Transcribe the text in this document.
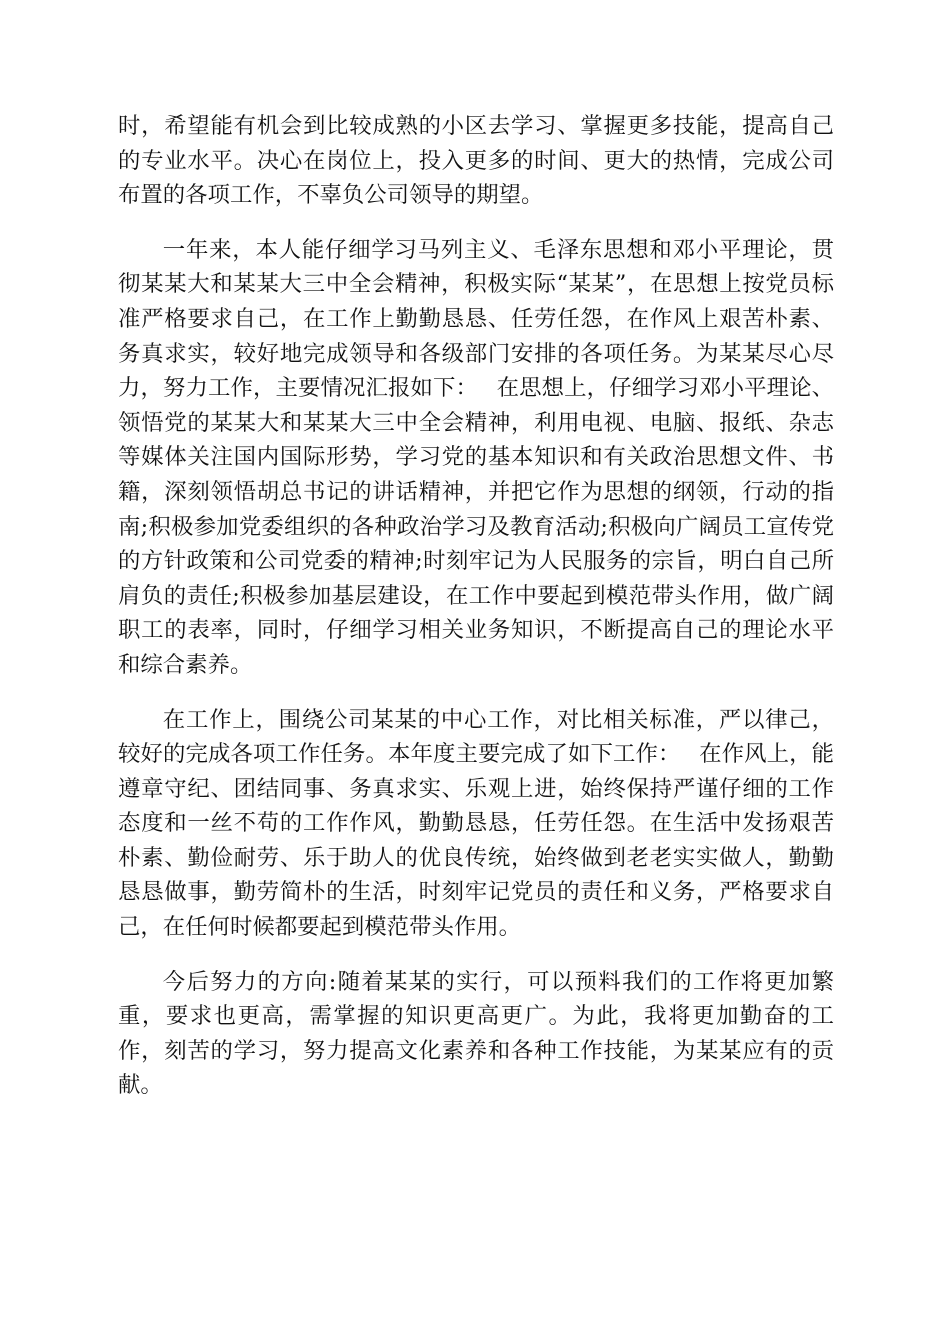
时，希望能有机会到比较成熟的小区去学习、掌握更多技能，提高自己的专业水平。决心在岗位上，投入更多的时间、更大的热情，完成公司布置的各项工作，不辜负公司领导的期望。

一年来，本人能仔细学习马列主义、毛泽东思想和邓小平理论，贯彻某某大和某某大三中全会精神，积极实际“某某”，在思想上按党员标准严格要求自己，在工作上勤勤恳恳、任劳任怨，在作风上艰苦朴素、务真求实，较好地完成领导和各级部门安排的各项任务。为某某尽心尽力，努力工作，主要情况汇报如下：　 在思想上，仔细学习邓小平理论、领悟党的某某大和某某大三中全会精神，利用电视、电脑、报纸、杂志等媒体关注国内国际形势，学习党的基本知识和有关政治思想文件、书籍，深刻领悟胡总书记的讲话精神，并把它作为思想的纲领，行动的指南;积极参加党委组织的各种政治学习及教育活动;积极向广阔员工宣传党的方针政策和公司党委的精神;时刻牢记为人民服务的宗旨，明白自己所肩负的责任;积极参加基层建设，在工作中要起到模范带头作用，做广阔职工的表率，同时，仔细学习相关业务知识，不断提高自己的理论水平和综合素养。

在工作上，围绕公司某某的中心工作，对比相关标准，严以律己，较好的完成各项工作任务。本年度主要完成了如下工作：　 在作风上，能遵章守纪、团结同事、务真求实、乐观上进，始终保持严谨仔细的工作态度和一丝不苟的工作作风，勤勤恳恳，任劳任怨。在生活中发扬艰苦朴素、勤俭耐劳、乐于助人的优良传统，始终做到老老实实做人，勤勤恳恳做事，勤劳简朴的生活，时刻牢记党员的责任和义务，严格要求自己，在任何时候都要起到模范带头作用。

今后努力的方向:随着某某的实行，可以预料我们的工作将更加繁重，要求也更高，需掌握的知识更高更广。为此，我将更加勤奋的工作，刻苦的学习，努力提高文化素养和各种工作技能，为某某应有的贡献。
